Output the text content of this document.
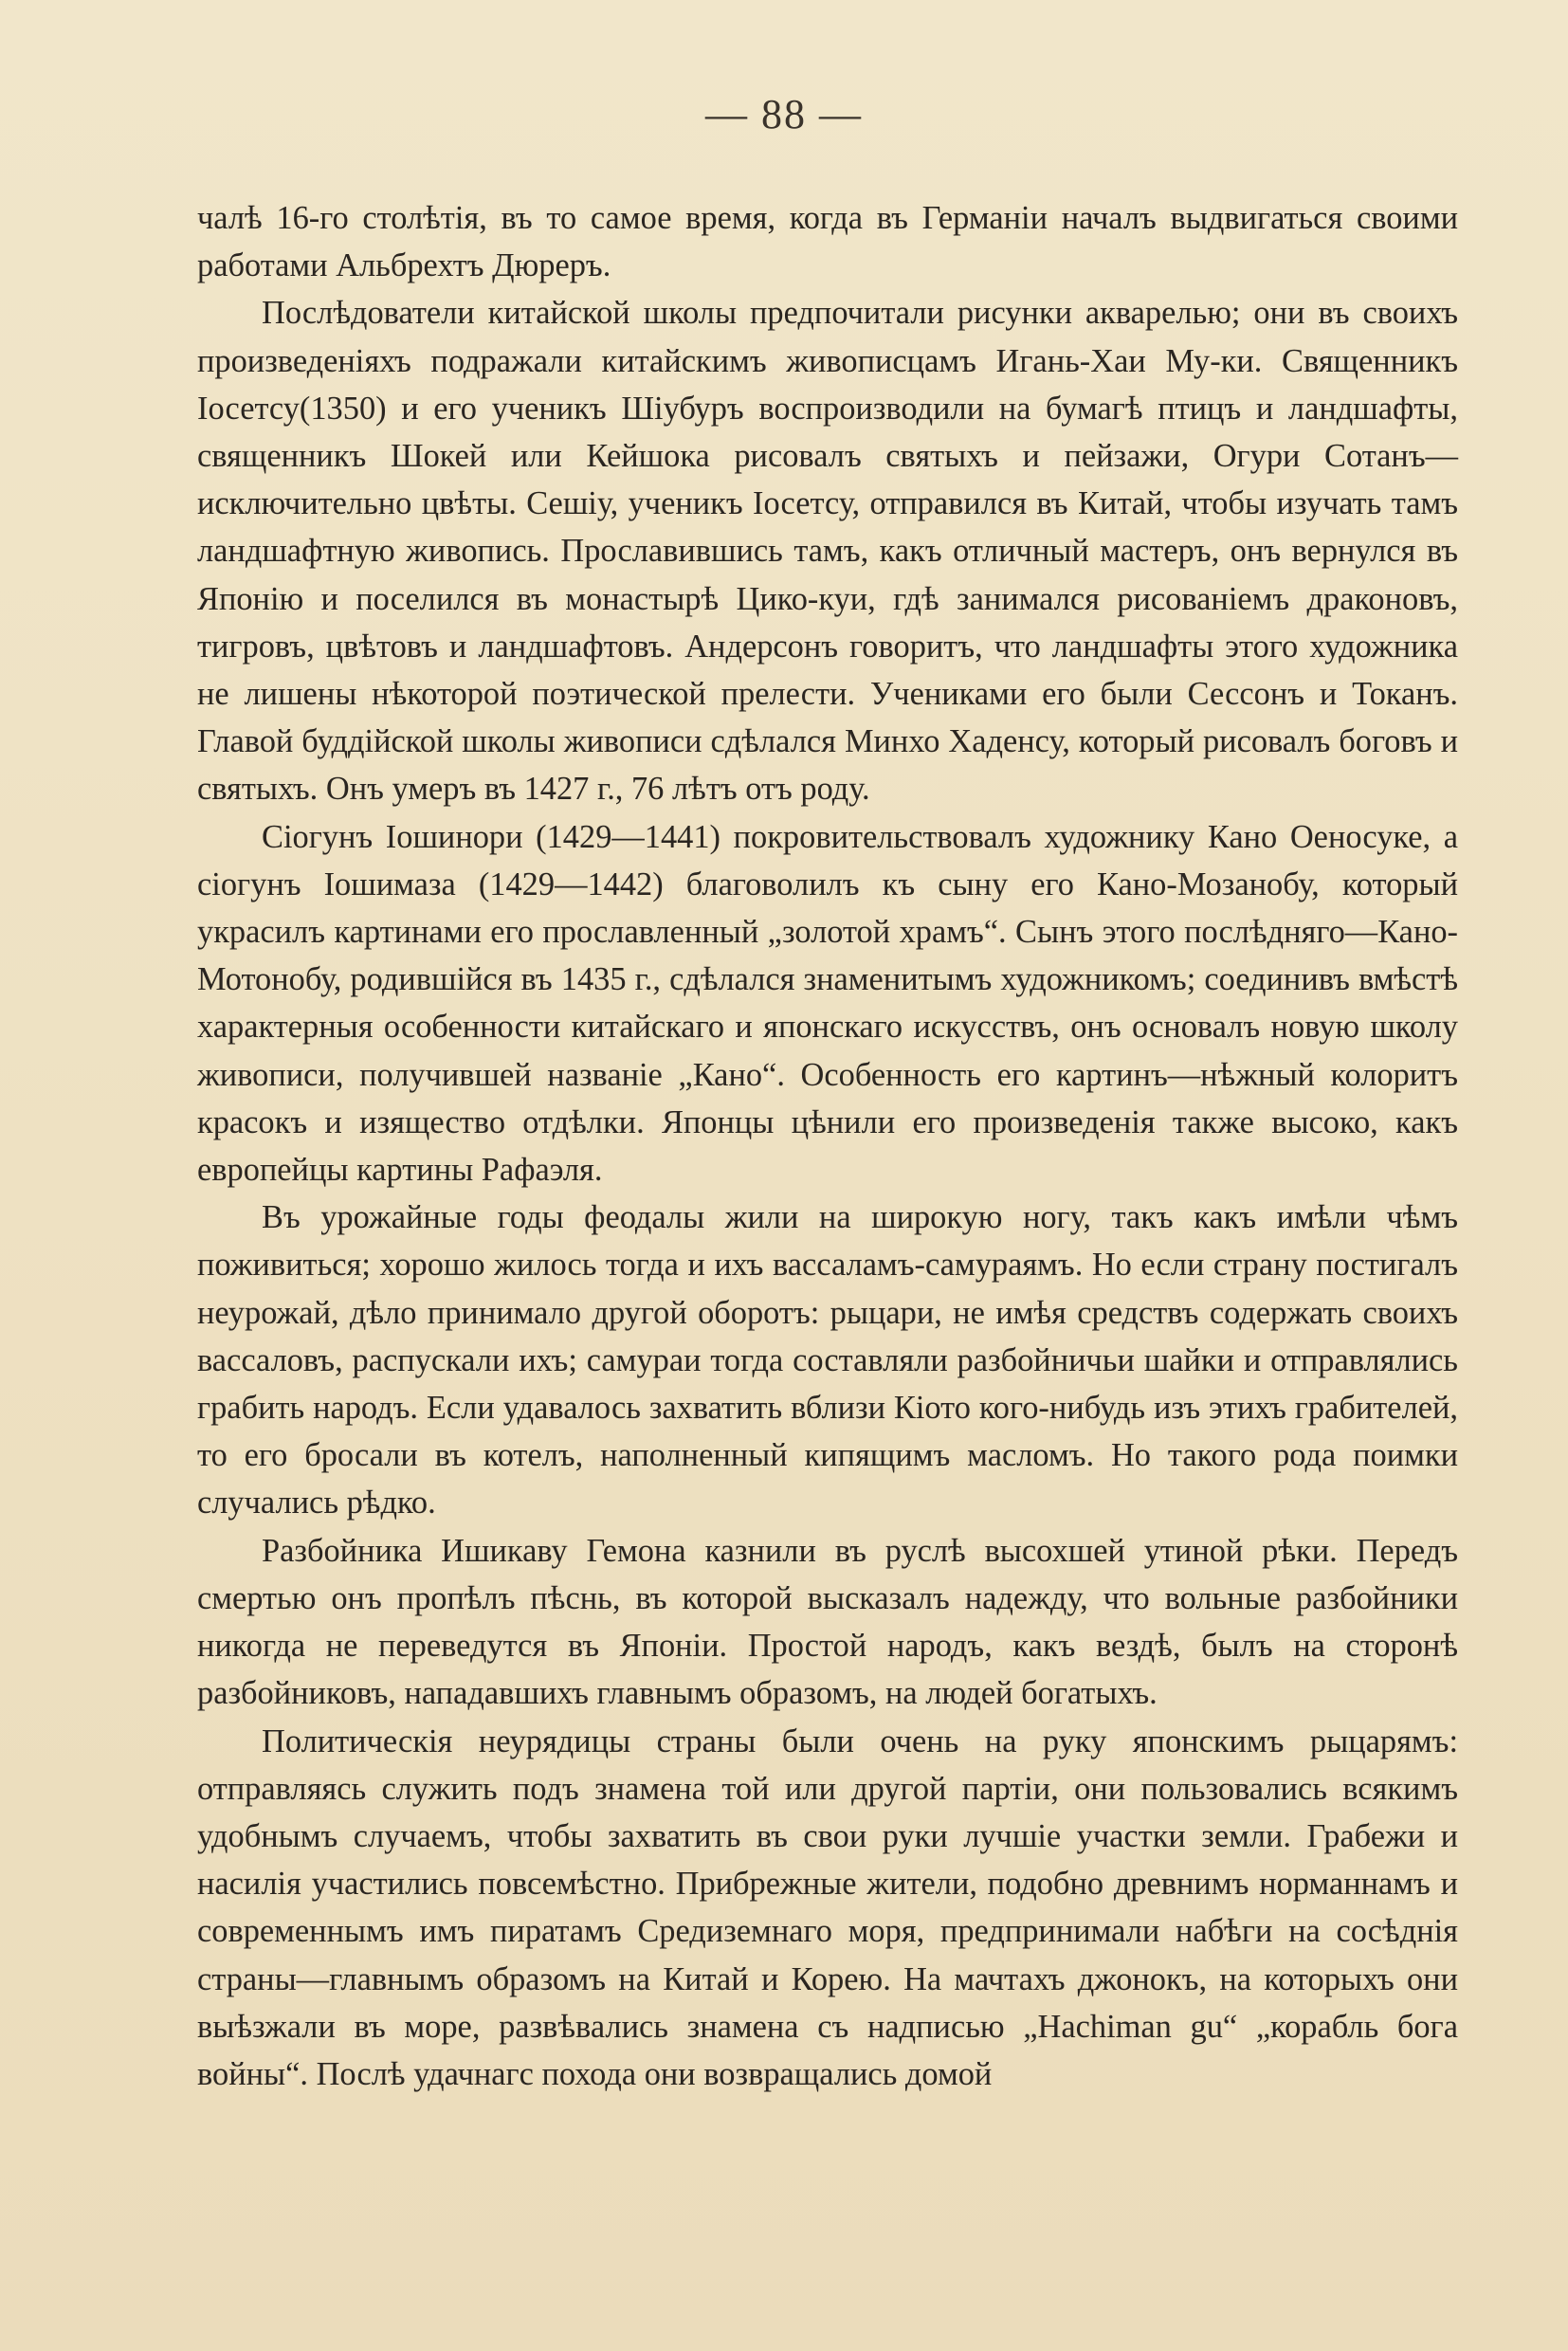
— 88 —

чалѣ 16-го столѣтія, въ то самое время, когда въ Германіи началъ выдвигаться своими работами Альбрехтъ Дюреръ.

Послѣдователи китайской школы предпочитали рисунки акварелью; они въ своихъ произведеніяхъ подражали китайскимъ живописцамъ Игань-Хаи Му-ки. Священникъ Іосетсу(1350) и его ученикъ Шіубуръ воспроизводили на бумагѣ птицъ и ландшафты, священникъ Шокей или Кейшока рисовалъ святыхъ и пейзажи, Огури Сотанъ—исключительно цвѣты. Сешіу, ученикъ Іосетсу, отправился въ Китай, чтобы изучать тамъ ландшафтную живопись. Прославившись тамъ, какъ отличный мастеръ, онъ вернулся въ Японію и поселился въ монастырѣ Цико-куи, гдѣ занимался рисованіемъ драконовъ, тигровъ, цвѣтовъ и ландшафтовъ. Андерсонъ говоритъ, что ландшафты этого художника не лишены нѣкоторой поэтической прелести. Учениками его были Сессонъ и Токанъ. Главой буддійской школы живописи сдѣлался Минхо Хаденсу, который рисовалъ боговъ и святыхъ. Онъ умеръ въ 1427 г., 76 лѣтъ отъ роду.

Сіогунъ Іошинори (1429—1441) покровительствовалъ художнику Кано Оеносуке, а сіогунъ Іошимаза (1429—1442) благоволилъ къ сыну его Кано-Мозанобу, который украсилъ картинами его прославленный „золотой храмъ“. Сынъ этого послѣдняго—Кано-Мотонобу, родившійся въ 1435 г., сдѣлался знаменитымъ художникомъ; соединивъ вмѣстѣ характерныя особенности китайскаго и японскаго искусствъ, онъ основалъ новую школу живописи, получившей названіе „Кано“. Особенность его картинъ—нѣжный колоритъ красокъ и изящество отдѣлки. Японцы цѣнили его произведенія также высоко, какъ европейцы картины Рафаэля.

Въ урожайные годы феодалы жили на широкую ногу, такъ какъ имѣли чѣмъ поживиться; хорошо жилось тогда и ихъ вассаламъ-самураямъ. Но если страну постигалъ неурожай, дѣло принимало другой оборотъ: рыцари, не имѣя средствъ содержать своихъ вассаловъ, распускали ихъ; самураи тогда составляли разбойничьи шайки и отправлялись грабить народъ. Если удавалось захватить вблизи Кіото кого-нибудь изъ этихъ грабителей, то его бросали въ котелъ, наполненный кипящимъ масломъ. Но такого рода поимки случались рѣдко.

Разбойника Ишикаву Гемона казнили въ руслѣ высохшей утиной рѣки. Передъ смертью онъ пропѣлъ пѣснь, въ которой высказалъ надежду, что вольные разбойники никогда не переведутся въ Японіи. Простой народъ, какъ вездѣ, былъ на сторонѣ разбойниковъ, нападавшихъ главнымъ образомъ, на людей богатыхъ.

Политическія неурядицы страны были очень на руку японскимъ рыцарямъ: отправляясь служить подъ знамена той или другой партіи, они пользовались всякимъ удобнымъ случаемъ, чтобы захватить въ свои руки лучшіе участки земли. Грабежи и насилія участились повсемѣстно. Прибрежные жители, подобно древнимъ норманнамъ и современнымъ имъ пиратамъ Средиземнаго моря, предпринимали набѣги на сосѣднія страны—главнымъ образомъ на Китай и Корею. На мачтахъ джонокъ, на которыхъ они выѣзжали въ море, развѣвались знамена съ надписью „Hachiman gu“ „корабль бога войны“. Послѣ удачнагс похода они возвращались домой
